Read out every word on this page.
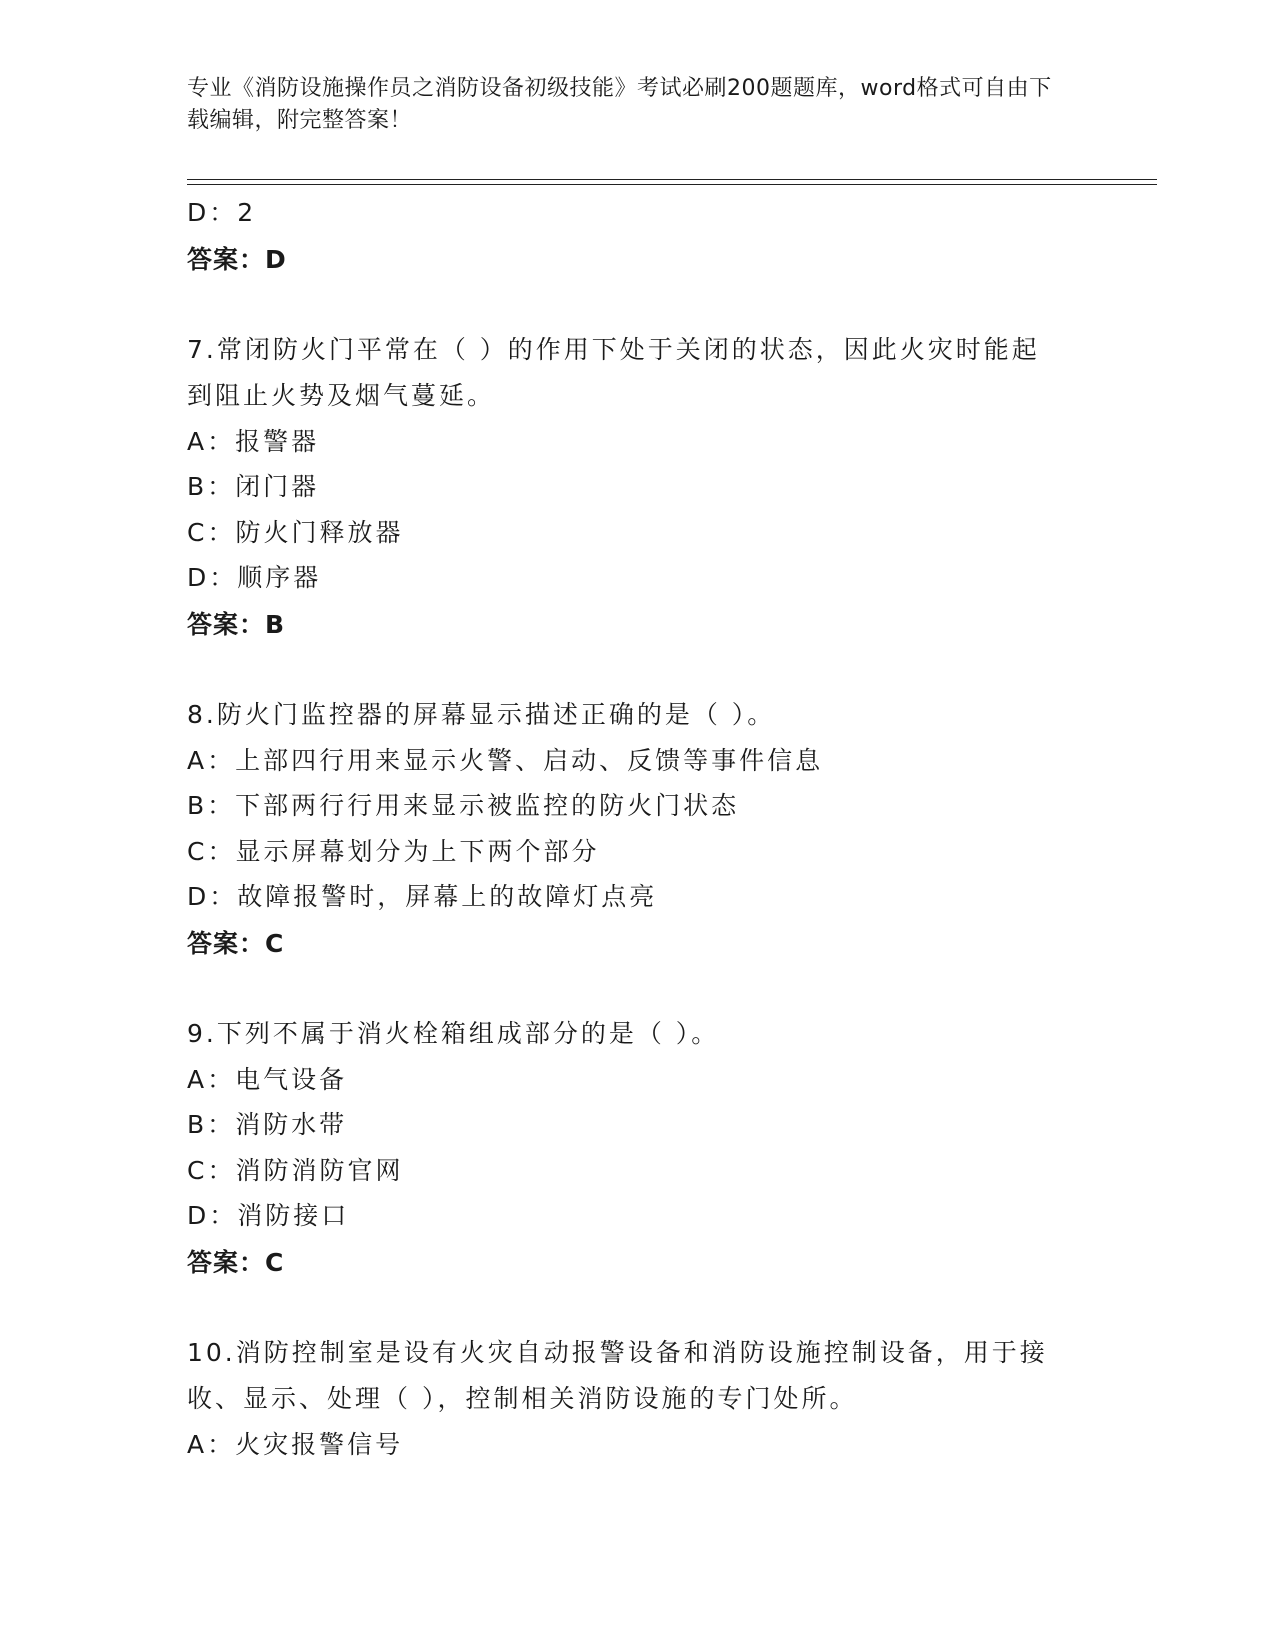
专业《消防设施操作员之消防设备初级技能》考试必刷200题题库，word格式可自由下载编辑，附完整答案！
D：2
答案：D
7.常闭防火门平常在（ ）的作用下处于关闭的状态，因此火灾时能起到阻止火势及烟气蔓延。
A：报警器
B：闭门器
C：防火门释放器
D：顺序器
答案：B
8.防火门监控器的屏幕显示描述正确的是（ ）。
A：上部四行用来显示火警、启动、反馈等事件信息
B：下部两行行用来显示被监控的防火门状态
C：显示屏幕划分为上下两个部分
D：故障报警时，屏幕上的故障灯点亮
答案：C
9.下列不属于消火栓箱组成部分的是（ ）。
A：电气设备
B：消防水带
C：消防消防官网
D：消防接口
答案：C
10.消防控制室是设有火灾自动报警设备和消防设施控制设备，用于接收、显示、处理（ ），控制相关消防设施的专门处所。
A：火灾报警信号
